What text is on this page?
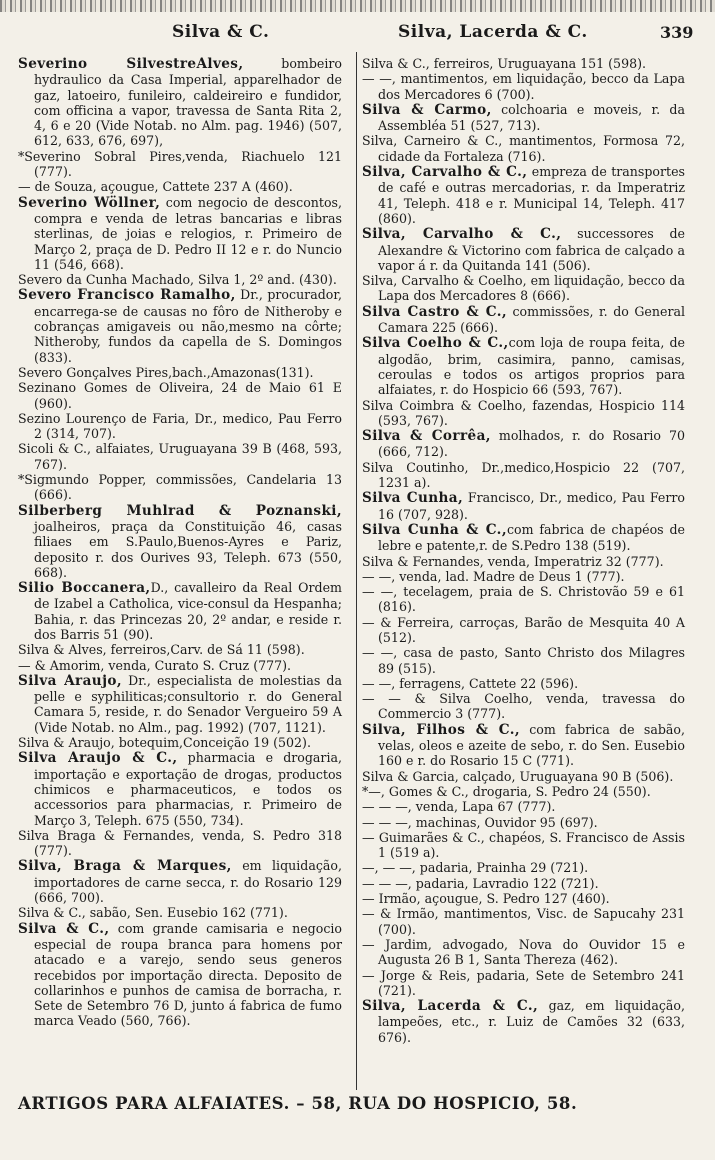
Silva & C.	Silva, Lacerda & C.	339

Severino SilvestreAlves, bombeiro hydraulico da Casa Imperial, apparelhador de gaz, latoeiro, funileiro, caldeireiro e fundidor, com officina a vapor, travessa de Santa Rita 2, 4, 6 e 20 (Vide Notab. no Alm. pag. 1946) (507, 612, 633, 676, 697),

*Severino Sobral Pires,venda, Riachuelo 121 (777).

— de Souza, açougue, Cattete 237 A (460).

Severino Wöllner, com negocio de descontos, compra e venda de letras bancarias e libras sterlinas, de joias e relogios, r. Primeiro de Março 2, praça de D. Pedro II 12 e r. do Nuncio 11 (546, 668).

Severo da Cunha Machado, Silva 1, 2º and. (430).

Severo Francisco Ramalho, Dr., procurador, encarrega-se de causas no fôro de Nitheroby e cobranças amigaveis ou não,mesmo na côrte; Nitheroby, fundos da capella de S. Domingos (833).

Severo Gonçalves Pires,bach.,Amazonas(131).

Sezinano Gomes de Oliveira, 24 de Maio 61 E (960).

Sezino Lourenço de Faria, Dr., medico, Pau Ferro 2 (314, 707).

Sicoli & C., alfaiates, Uruguayana 39 B (468, 593, 767).

*Sigmundo Popper, commissões, Candelaria 13 (666).

Silberberg Muhlrad & Poznanski, joalheiros, praça da Constituição 46, casas filiaes em S.Paulo,Buenos-Ayres e Pariz, deposito r. dos Ourives 93, Teleph. 673 (550, 668).

Silio Boccanera,D., cavalleiro da Real Ordem de Izabel a Catholica, vice-consul da Hespanha; Bahia, r. das Princezas 20, 2º andar, e reside r. dos Barris 51 (90).

Silva & Alves, ferreiros,Carv. de Sá 11 (598).

— & Amorim, venda, Curato S. Cruz (777).

Silva Araujo, Dr., especialista de molestias da pelle e syphiliticas;consultorio r. do General Camara 5, reside, r. do Senador Vergueiro 59 A (Vide Notab. no Alm., pag. 1992) (707, 1121).

Silva & Araujo, botequim,Conceição 19 (502).

Silva Araujo & C., pharmacia e drogaria, importação e exportação de drogas, productos chimicos e pharmaceuticos, e todos os accessorios para pharmacias, r. Primeiro de Março 3, Teleph. 675 (550, 734).

Silva Braga & Fernandes, venda, S. Pedro 318 (777).

Silva, Braga & Marques, em liquidação, importadores de carne secca, r. do Rosario 129 (666, 700).

Silva & C., sabão, Sen. Eusebio 162 (771).

Silva & C., com grande camisaria e negocio especial de roupa branca para homens por atacado e a varejo, sendo seus generos recebidos por importação directa. Deposito de collarinhos e punhos de camisa de borracha, r. Sete de Setembro 76 D, junto á fabrica de fumo marca Veado (560, 766).

Silva & C., ferreiros, Uruguayana 151 (598).

— —, mantimentos, em liquidação, becco da Lapa dos Mercadores 6 (700).

Silva & Carmo, colchoaria e moveis, r. da Assembléa 51 (527, 713).

Silva, Carneiro & C., mantimentos, Formosa 72, cidade da Fortaleza (716).

Silva, Carvalho & C., empreza de transportes de café e outras mercadorias, r. da Imperatriz 41, Teleph. 418 e r. Municipal 14, Teleph. 417 (860).

Silva, Carvalho & C., successores de Alexandre & Victorino com fabrica de calçado a vapor á r. da Quitanda 141 (506).

Silva, Carvalho & Coelho, em liquidação, becco da Lapa dos Mercadores 8 (666).

Silva Castro & C., commissões, r. do General Camara 225 (666).

Silva Coelho & C.,com loja de roupa feita, de algodão, brim, casimira, panno, camisas, ceroulas e todos os artigos proprios para alfaiates, r. do Hospicio 66 (593, 767).

Silva Coimbra & Coelho, fazendas, Hospicio 114 (593, 767).

Silva & Corrêa, molhados, r. do Rosario 70 (666, 712).

Silva Coutinho, Dr.,medico,Hospicio 22 (707, 1231 a).

Silva Cunha, Francisco, Dr., medico, Pau Ferro 16 (707, 928).

Silva Cunha & C.,com fabrica de chapéos de lebre e patente,r. de S.Pedro 138 (519).

Silva & Fernandes, venda, Imperatriz 32 (777).

— —, venda, lad. Madre de Deus 1 (777).

— —, tecelagem, praia de S. Christovão 59 e 61 (816).

— & Ferreira, carroças, Barão de Mesquita 40 A (512).

— —, casa de pasto, Santo Christo dos Milagres 89 (515).

— —, ferragens, Cattete 22 (596).

— — & Silva Coelho, venda, travessa do Commercio 3 (777).

Silva, Filhos & C., com fabrica de sabão, velas, oleos e azeite de sebo, r. do Sen. Eusebio 160 e r. do Rosario 15 C (771).

Silva & Garcia, calçado, Uruguayana 90 B (506).

*—, Gomes & C., drogaria, S. Pedro 24 (550).

— — —, venda, Lapa 67 (777).

— — —, machinas, Ouvidor 95 (697).

— Guimarães & C., chapéos, S. Francisco de Assis 1 (519 a).

—, — —, padaria, Prainha 29 (721).

— — —, padaria, Lavradio 122 (721).

— Irmão, açougue, S. Pedro 127 (460).

— & Irmão, mantimentos, Visc. de Sapucahy 231 (700).

— Jardim, advogado, Nova do Ouvidor 15 e Augusta 26 B 1, Santa Thereza (462).

— Jorge & Reis, padaria, Sete de Setembro 241 (721).

Silva, Lacerda & C., gaz, em liquidação, lampeões, etc., r. Luiz de Camões 32 (633, 676).

ARTIGOS PARA ALFAIATES. – 58, RUA DO HOSPICIO, 58.
